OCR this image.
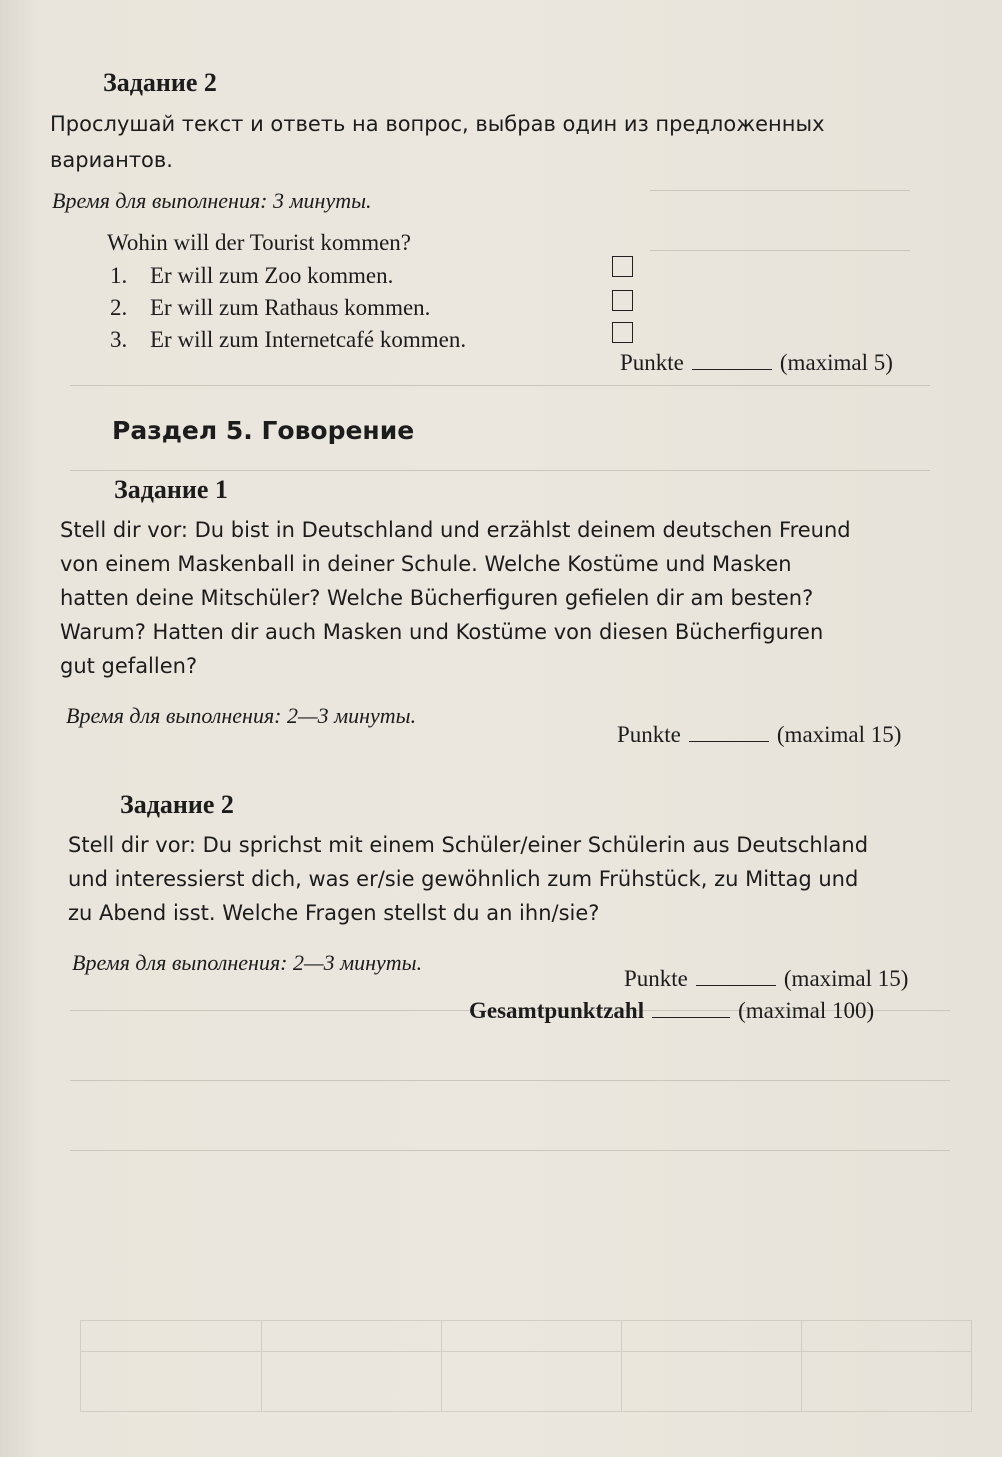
Задание 2
Прослушай текст и ответь на вопрос, выбрав один из предложенных
вариантов.
Время для выполнения: 3 минуты.
Wohin will der Tourist kommen?
1. Er will zum Zoo kommen.
2. Er will zum Rathaus kommen.
3. Er will zum Internetcafé kommen.
Punkte	(maximal 5)
Раздел 5. Говорение
Задание 1
Stell dir vor: Du bist in Deutschland und erzählst deinem deutschen Freund
von einem Maskenball in deiner Schule. Welche Kostüme und Masken
hatten deine Mitschüler? Welche Bücherfiguren gefielen dir am besten?
Warum? Hatten dir auch Masken und Kostüme von diesen Bücherfiguren
gut gefallen?
Время для выполнения: 2—3 минуты.
Punkte	(maximal 15)
Задание 2
Stell dir vor: Du sprichst mit einem Schüler/einer Schülerin aus Deutschland
und interessierst dich, was er/sie gewöhnlich zum Frühstück, zu Mittag und
zu Abend isst. Welche Fragen stellst du an ihn/sie?
Время для выполнения: 2—3 минуты.
Punkte	(maximal 15)
Gesamtpunktzahl	(maximal 100)
